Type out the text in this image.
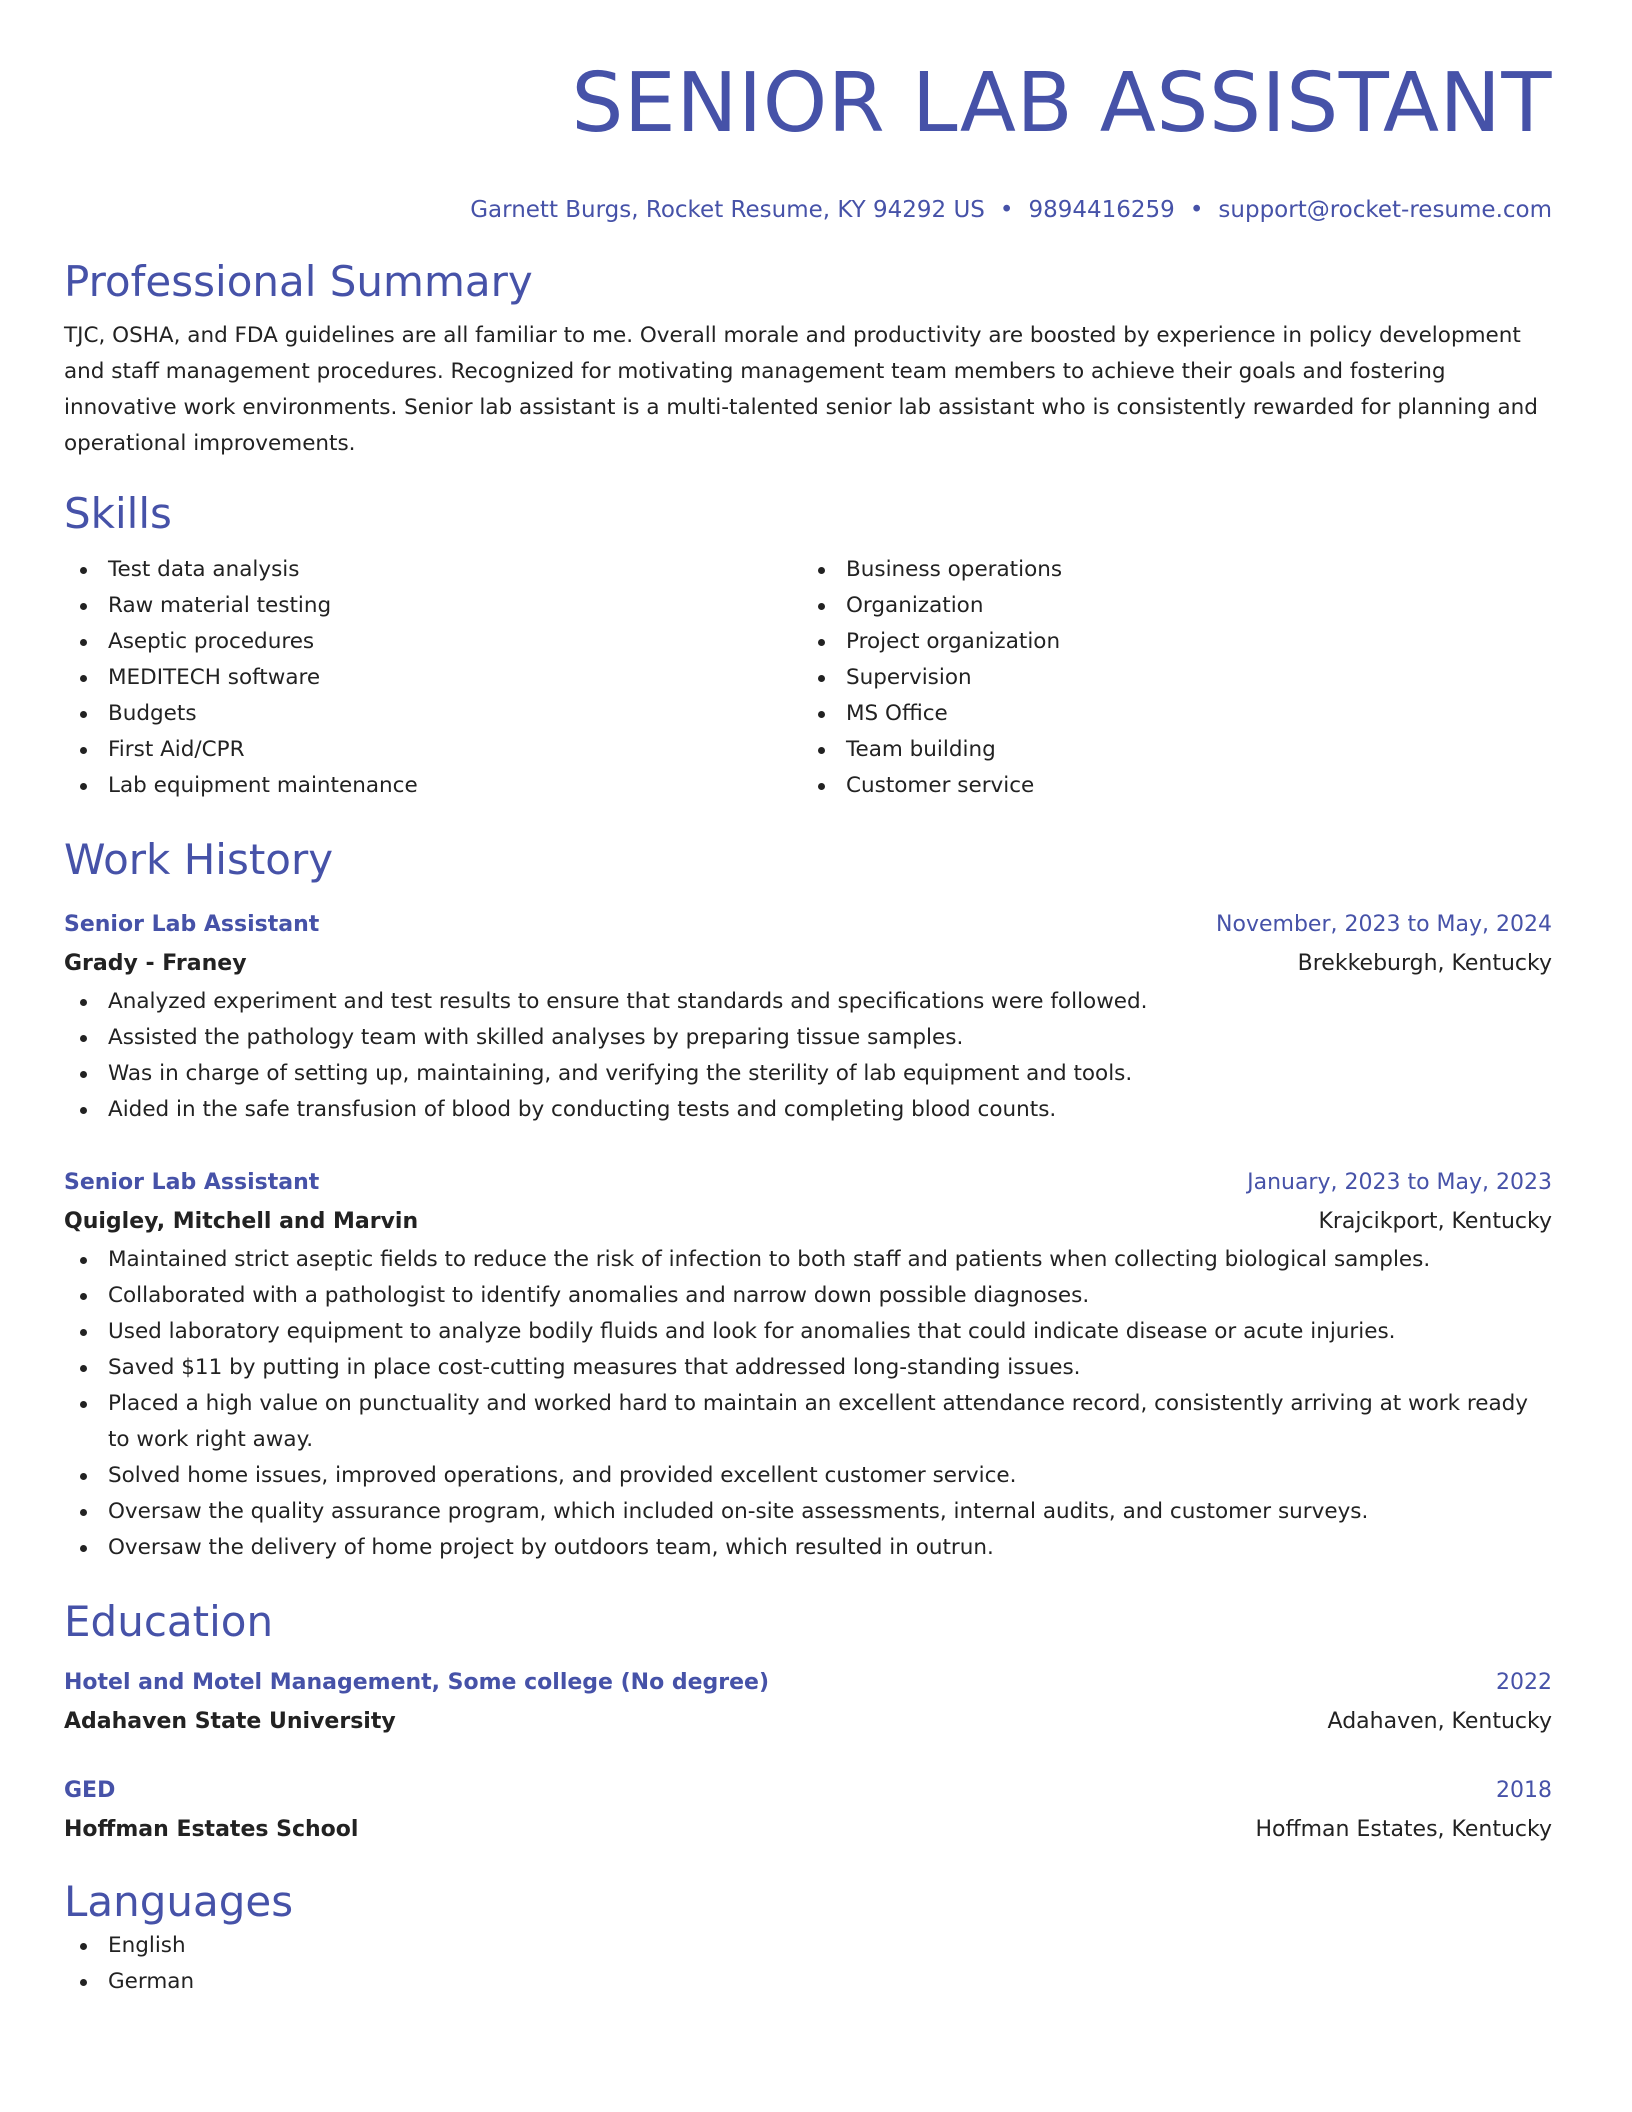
SENIOR LAB ASSISTANT
Garnett Burgs, Rocket Resume, KY 94292 US • 9894416259 • support@rocket-resume.com
Professional Summary
TJC, OSHA, and FDA guidelines are all familiar to me. Overall morale and productivity are boosted by experience in policy development and staff management procedures. Recognized for motivating management team members to achieve their goals and fostering innovative work environments. Senior lab assistant is a multi-talented senior lab assistant who is consistently rewarded for planning and operational improvements.
Skills
Test data analysis
Raw material testing
Aseptic procedures
MEDITECH software
Budgets
First Aid/CPR
Lab equipment maintenance
Business operations
Organization
Project organization
Supervision
MS Office
Team building
Customer service
Work History
Senior Lab Assistant	November, 2023 to May, 2024
Grady - Franey	Brekkeburgh, Kentucky
Analyzed experiment and test results to ensure that standards and specifications were followed.
Assisted the pathology team with skilled analyses by preparing tissue samples.
Was in charge of setting up, maintaining, and verifying the sterility of lab equipment and tools.
Aided in the safe transfusion of blood by conducting tests and completing blood counts.
Senior Lab Assistant	January, 2023 to May, 2023
Quigley, Mitchell and Marvin	Krajcikport, Kentucky
Maintained strict aseptic fields to reduce the risk of infection to both staff and patients when collecting biological samples.
Collaborated with a pathologist to identify anomalies and narrow down possible diagnoses.
Used laboratory equipment to analyze bodily fluids and look for anomalies that could indicate disease or acute injuries.
Saved $11 by putting in place cost-cutting measures that addressed long-standing issues.
Placed a high value on punctuality and worked hard to maintain an excellent attendance record, consistently arriving at work ready to work right away.
Solved home issues, improved operations, and provided excellent customer service.
Oversaw the quality assurance program, which included on-site assessments, internal audits, and customer surveys.
Oversaw the delivery of home project by outdoors team, which resulted in outrun.
Education
Hotel and Motel Management, Some college (No degree)	2022
Adahaven State University	Adahaven, Kentucky
GED	2018
Hoffman Estates School	Hoffman Estates, Kentucky
Languages
English
German
